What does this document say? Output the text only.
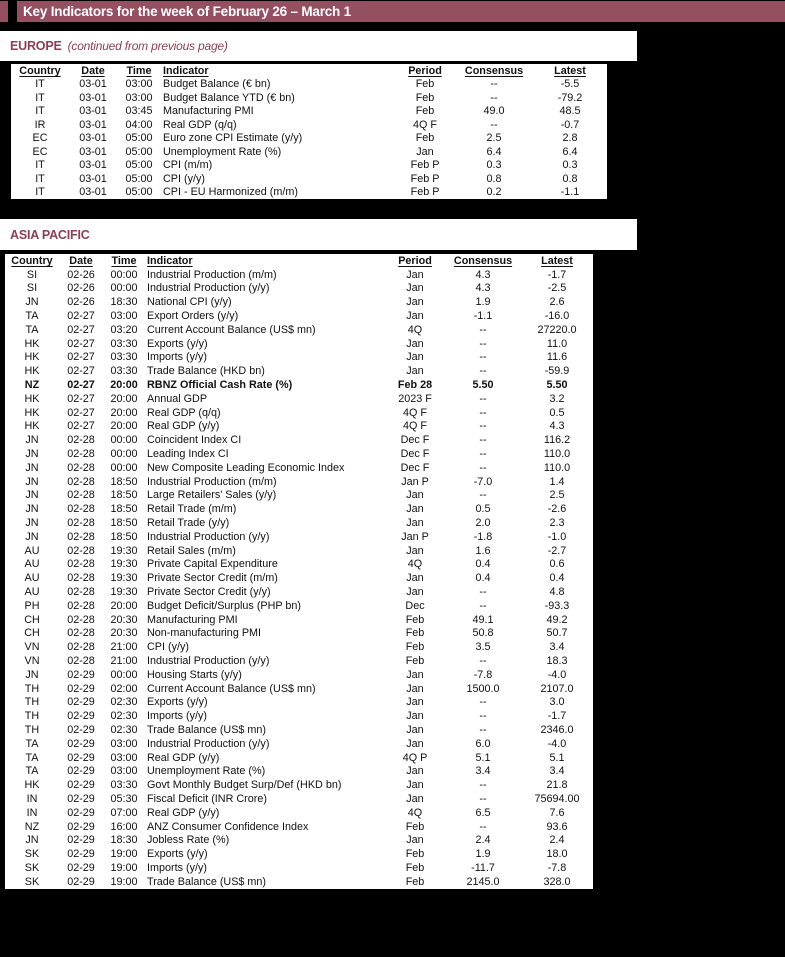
Key Indicators for the week of February 26 – March 1
EUROPE (continued from previous page)
Country	Date	Time	Indicator	Period	Consensus	Latest
IT	03-01	03:00	Budget Balance (€ bn)	Feb	--	-5.5
IT	03-01	03:00	Budget Balance YTD (€ bn)	Feb	--	-79.2
IT	03-01	03:45	Manufacturing PMI	Feb	49.0	48.5
IR	03-01	04:00	Real GDP (q/q)	4Q F	--	-0.7
EC	03-01	05:00	Euro zone CPI Estimate (y/y)	Feb	2.5	2.8
EC	03-01	05:00	Unemployment Rate (%)	Jan	6.4	6.4
IT	03-01	05:00	CPI (m/m)	Feb P	0.3	0.3
IT	03-01	05:00	CPI (y/y)	Feb P	0.8	0.8
IT	03-01	05:00	CPI - EU Harmonized (m/m)	Feb P	0.2	-1.1
ASIA PACIFIC
Country	Date	Time	Indicator	Period	Consensus	Latest
SI	02-26	00:00	Industrial Production (m/m)	Jan	4.3	-1.7
SI	02-26	00:00	Industrial Production (y/y)	Jan	4.3	-2.5
JN	02-26	18:30	National CPI (y/y)	Jan	1.9	2.6
TA	02-27	03:00	Export Orders (y/y)	Jan	-1.1	-16.0
TA	02-27	03:20	Current Account Balance (US$ mn)	4Q	--	27220.0
HK	02-27	03:30	Exports (y/y)	Jan	--	11.0
HK	02-27	03:30	Imports (y/y)	Jan	--	11.6
HK	02-27	03:30	Trade Balance (HKD bn)	Jan	--	-59.9
NZ	02-27	20:00	RBNZ Official Cash Rate (%)	Feb 28	5.50	5.50
HK	02-27	20:00	Annual GDP	2023 F	--	3.2
HK	02-27	20:00	Real GDP (q/q)	4Q F	--	0.5
HK	02-27	20:00	Real GDP (y/y)	4Q F	--	4.3
JN	02-28	00:00	Coincident Index CI	Dec F	--	116.2
JN	02-28	00:00	Leading Index CI	Dec F	--	110.0
JN	02-28	00:00	New Composite Leading Economic Index	Dec F	--	110.0
JN	02-28	18:50	Industrial Production (m/m)	Jan P	-7.0	1.4
JN	02-28	18:50	Large Retailers' Sales (y/y)	Jan	--	2.5
JN	02-28	18:50	Retail Trade (m/m)	Jan	0.5	-2.6
JN	02-28	18:50	Retail Trade (y/y)	Jan	2.0	2.3
JN	02-28	18:50	Industrial Production (y/y)	Jan P	-1.8	-1.0
AU	02-28	19:30	Retail Sales (m/m)	Jan	1.6	-2.7
AU	02-28	19:30	Private Capital Expenditure	4Q	0.4	0.6
AU	02-28	19:30	Private Sector Credit (m/m)	Jan	0.4	0.4
AU	02-28	19:30	Private Sector Credit (y/y)	Jan	--	4.8
PH	02-28	20:00	Budget Deficit/Surplus (PHP bn)	Dec	--	-93.3
CH	02-28	20:30	Manufacturing PMI	Feb	49.1	49.2
CH	02-28	20:30	Non-manufacturing PMI	Feb	50.8	50.7
VN	02-28	21:00	CPI (y/y)	Feb	3.5	3.4
VN	02-28	21:00	Industrial Production (y/y)	Feb	--	18.3
JN	02-29	00:00	Housing Starts (y/y)	Jan	-7.8	-4.0
TH	02-29	02:00	Current Account Balance (US$ mn)	Jan	1500.0	2107.0
TH	02-29	02:30	Exports (y/y)	Jan	--	3.0
TH	02-29	02:30	Imports (y/y)	Jan	--	-1.7
TH	02-29	02:30	Trade Balance (US$ mn)	Jan	--	2346.0
TA	02-29	03:00	Industrial Production (y/y)	Jan	6.0	-4.0
TA	02-29	03:00	Real GDP (y/y)	4Q P	5.1	5.1
TA	02-29	03:00	Unemployment Rate (%)	Jan	3.4	3.4
HK	02-29	03:30	Govt Monthly Budget Surp/Def (HKD bn)	Jan	--	21.8
IN	02-29	05:30	Fiscal Deficit (INR Crore)	Jan	--	75694.00
IN	02-29	07:00	Real GDP (y/y)	4Q	6.5	7.6
NZ	02-29	16:00	ANZ Consumer Confidence Index	Feb	--	93.6
JN	02-29	18:30	Jobless Rate (%)	Jan	2.4	2.4
SK	02-29	19:00	Exports (y/y)	Feb	1.9	18.0
SK	02-29	19:00	Imports (y/y)	Feb	-11.7	-7.8
SK	02-29	19:00	Trade Balance (US$ mn)	Feb	2145.0	328.0
